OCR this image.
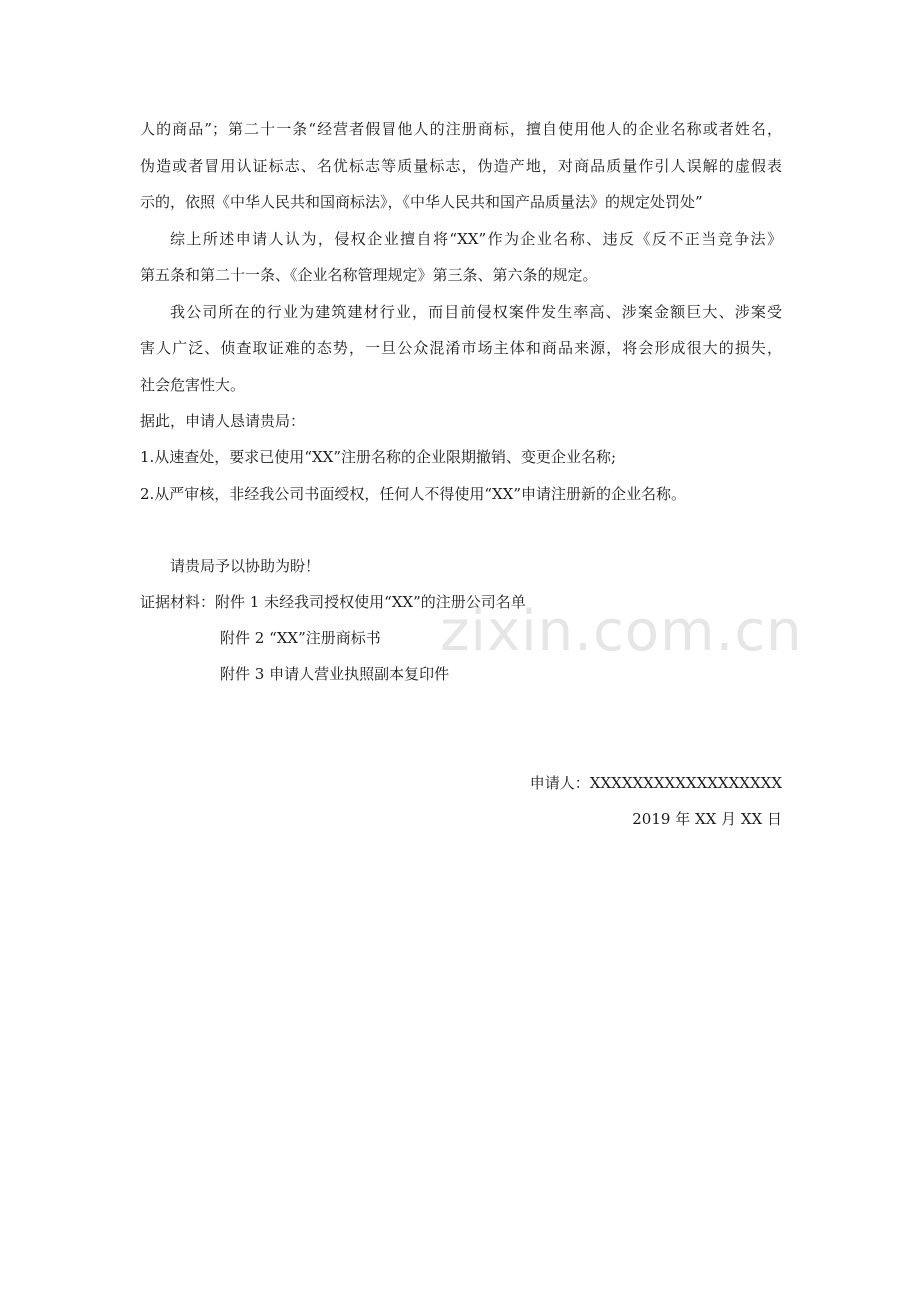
人的商品”；第二十一条“经营者假冒他人的注册商标，擅自使用他人的企业名称或者姓名，
伪造或者冒用认证标志、名优标志等质量标志，伪造产地，对商品质量作引人误解的虚假表
示的，依照《中华人民共和国商标法》，《中华人民共和国产品质量法》的规定处罚处”
综上所述申请人认为，侵权企业擅自将“XX”作为企业名称、违反《反不正当竞争法》
第五条和第二十一条、《企业名称管理规定》第三条、第六条的规定。
我公司所在的行业为建筑建材行业，而目前侵权案件发生率高、涉案金额巨大、涉案受
害人广泛、侦查取证难的态势，一旦公众混淆市场主体和商品来源，将会形成很大的损失，
社会危害性大。
据此，申请人恳请贵局：
1.从速查处，要求已使用“XX”注册名称的企业限期撤销、变更企业名称;
2.从严审核，非经我公司书面绶权，任何人不得使用“XX”申请注册新的企业名称。
请贵局予以协助为盼！
证据材料：附件 1 未经我司授权使用“XX”的注册公司名单
附件 2 “XX”注册商标书
附件 3 申请人营业执照副本复印件
申请人：XXXXXXXXXXXXXXXXXX
2019 年 XX 月 XX 日
zixin.com.cn
